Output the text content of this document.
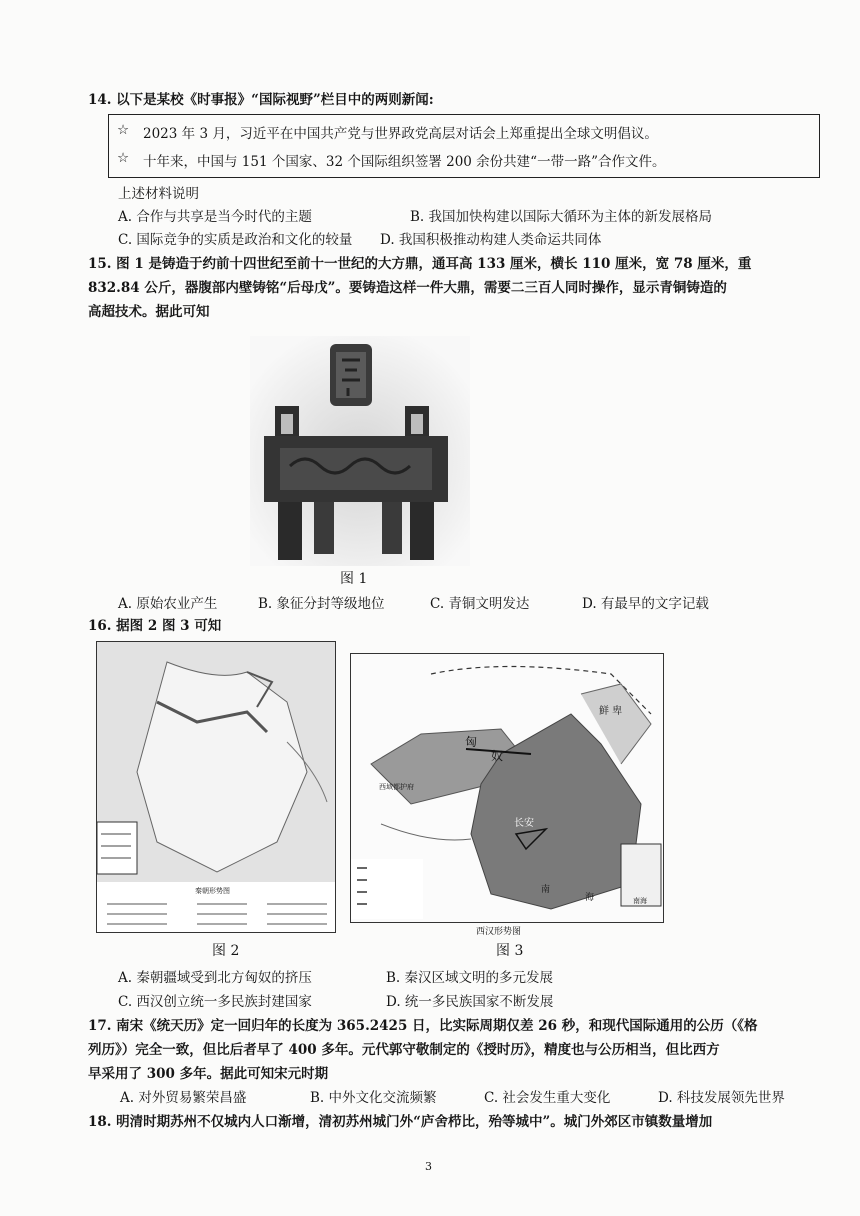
14. 以下是某校《时事报》“国际视野”栏目中的两则新闻:
☆ 2023 年 3 月，习近平在中国共产党与世界政党高层对话会上郑重提出全球文明倡议。
☆ 十年来，中国与 151 个国家、32 个国际组织签署 200 余份共建“一带一路”合作文件。
上述材料说明
A. 合作与共享是当今时代的主题	B. 我国加快构建以国际大循环为主体的新发展格局
C. 国际竞争的实质是政治和文化的较量 D. 我国积极推动构建人类命运共同体
15. 图 1 是铸造于约前十四世纪至前十一世纪的大方鼎，通耳高 133 厘米，横长 110 厘米，宽 78 厘米，重
832.84 公斤，器腹部内壁铸铭“后母戊”。要铸造这样一件大鼎，需要二三百人同时操作，显示青铜铸造的
高超技术。据此可知
图 1
A. 原始农业产生	B. 象征分封等级地位	C. 青铜文明发达	D. 有最早的文字记载
16. 据图 2 图 3 可知
秦朝形势图
图 2
匈
奴
西域都护府
长安
鲜 卑
南
海	南海
西汉形势图
图 3
A. 秦朝疆域受到北方匈奴的挤压	B. 秦汉区域文明的多元发展
C. 西汉创立统一多民族封建国家	D. 统一多民族国家不断发展
17. 南宋《统天历》定一回归年的长度为 365.2425 日，比实际周期仅差 26 秒，和现代国际通用的公历（《格
列历》）完全一致，但比后者早了 400 多年。元代郭守敬制定的《授时历》，精度也与公历相当，但比西方
早采用了 300 多年。据此可知宋元时期
A. 对外贸易繁荣昌盛	B. 中外文化交流频繁	C. 社会发生重大变化	D. 科技发展领先世界
18. 明清时期苏州不仅城内人口渐增，清初苏州城门外“庐舍栉比，殆等城中”。城门外郊区市镇数量增加
3
